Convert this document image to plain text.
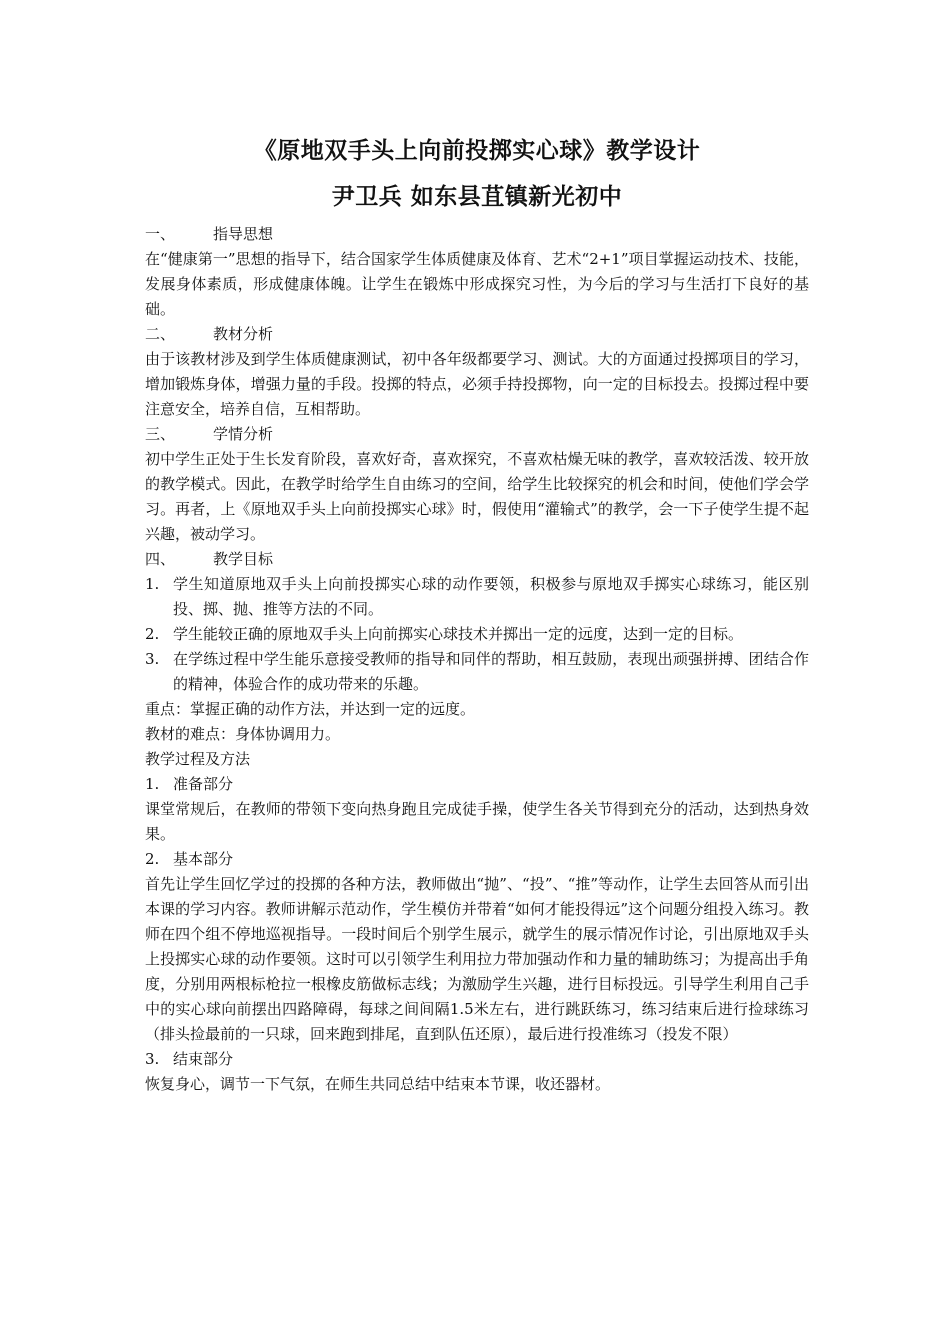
《原地双手头上向前投掷实心球》教学设计
尹卫兵 如东县苴镇新光初中
一、	指导思想

在“健康第一”思想的指导下，结合国家学生体质健康及体育、艺术“2+1”项目掌握运动技术、技能，发展身体素质，形成健康体魄。让学生在锻炼中形成探究习性，为今后的学习与生活打下良好的基础。

二、	教材分析

由于该教材涉及到学生体质健康测试，初中各年级都要学习、测试。大的方面通过投掷项目的学习，增加锻炼身体，增强力量的手段。投掷的特点，必须手持投掷物，向一定的目标投去。投掷过程中要注意安全，培养自信，互相帮助。

三、	学情分析

初中学生正处于生长发育阶段，喜欢好奇，喜欢探究，不喜欢枯燥无味的教学，喜欢较活泼、较开放的教学模式。因此，在教学时给学生自由练习的空间，给学生比较探究的机会和时间，使他们学会学习。再者，上《原地双手头上向前投掷实心球》时，假使用“灌输式”的教学，会一下子使学生提不起兴趣，被动学习。

四、	教学目标
1. 学生知道原地双手头上向前投掷实心球的动作要领，积极参与原地双手掷实心球练习，能区别投、掷、抛、推等方法的不同。
2. 学生能较正确的原地双手头上向前掷实心球技术并掷出一定的远度，达到一定的目标。
3. 在学练过程中学生能乐意接受教师的指导和同伴的帮助，相互鼓励，表现出顽强拼搏、团结合作的精神，体验合作的成功带来的乐趣。

重点：掌握正确的动作方法，并达到一定的远度。

教材的难点：身体协调用力。

教学过程及方法

1. 准备部分

课堂常规后，在教师的带领下变向热身跑且完成徒手操，使学生各关节得到充分的活动，达到热身效果。

2. 基本部分

首先让学生回忆学过的投掷的各种方法，教师做出“抛”、“投”、“推”等动作，让学生去回答从而引出本课的学习内容。教师讲解示范动作，学生模仿并带着“如何才能投得远”这个问题分组投入练习。教师在四个组不停地巡视指导。一段时间后个别学生展示，就学生的展示情况作讨论，引出原地双手头上投掷实心球的动作要领。这时可以引领学生利用拉力带加强动作和力量的辅助练习；为提高出手角度，分别用两根标枪拉一根橡皮筋做标志线；为激励学生兴趣，进行目标投远。引导学生利用自己手中的实心球向前摆出四路障碍，每球之间间隔1.5米左右，进行跳跃练习，练习结束后进行捡球练习（排头捡最前的一只球，回来跑到排尾，直到队伍还原），最后进行投准练习（投发不限）

3. 结束部分

恢复身心，调节一下气氛，在师生共同总结中结束本节课，收还器材。
